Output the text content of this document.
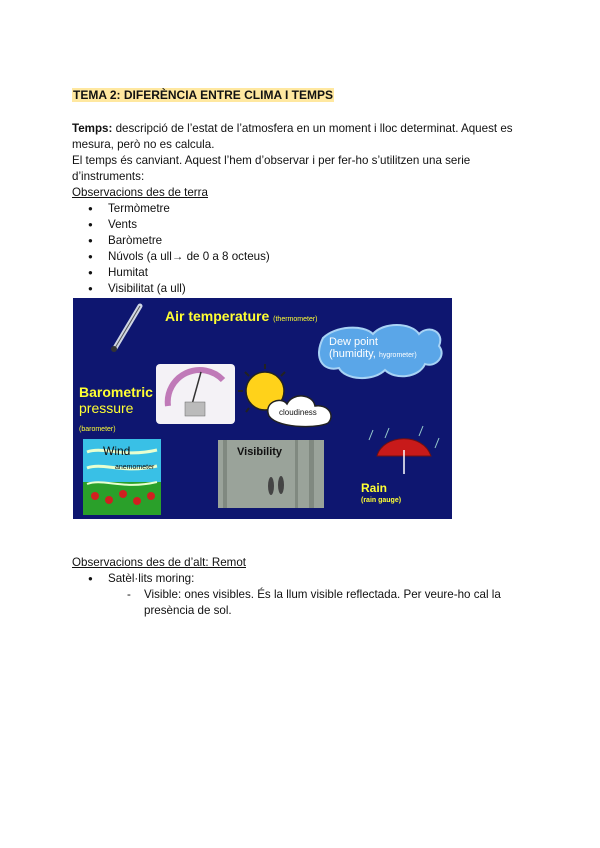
TEMA 2: DIFERÈNCIA ENTRE CLIMA I TEMPS
Temps: descripció de l’estat de l’atmosfera en un moment i lloc determinat. Aquest es mesura, però no es calcula.
El temps és canviant. Aquest l’hem d’observar i per fer-ho s’utilitzen una serie d’instruments:
Observacions des de terra
● Termòmetre
● Vents
● Baròmetre
● Núvols (a ull→ de 0 a 8 octeus)
● Humitat
● Visibilitat (a ull)
Observacions des de d’alt: Remot
● Satèl·lits moring:
- Visible: ones visibles. És la llum visible reflectada. Per veure-ho cal la presència de sol.
Air temperature (thermometer)
Dew point
(humidity, hygrometer)
Barometric
pressure
(barometer)
cloudiness
Wind
anemometer
Visibility
Rain
(rain gauge)
